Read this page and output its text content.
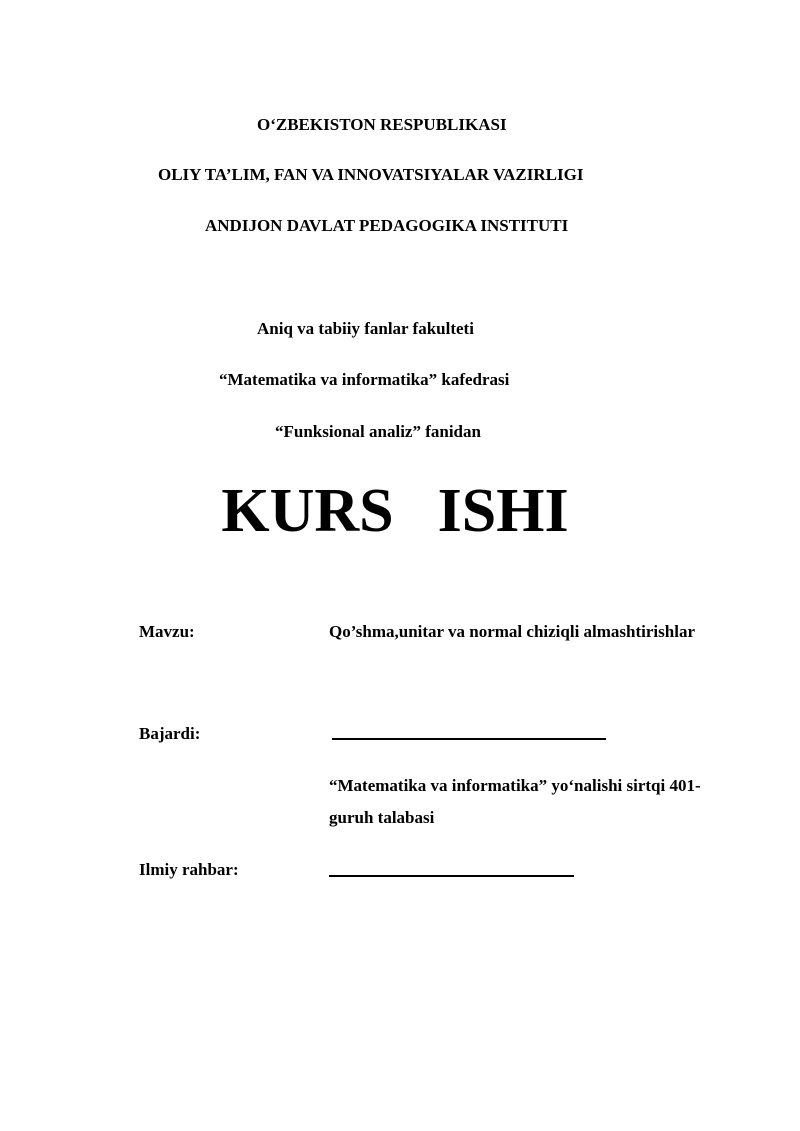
O‘ZBEKISTON RESPUBLIKASI
OLIY TA’LIM, FAN VA INNOVATSIYALAR VAZIRLIGI
ANDIJON DAVLAT PEDAGOGIKA INSTITUTI
Aniq va tabiiy fanlar fakulteti
“Matematika va informatika” kafedrasi
“Funksional analiz” fanidan
KURS ISHI
Mavzu:	Qo’shma,unitar va normal chiziqli almashtirishlar
Bajardi:
“Matematika va informatika” yo‘nalishi sirtqi 401-
guruh talabasi
Ilmiy rahbar:
